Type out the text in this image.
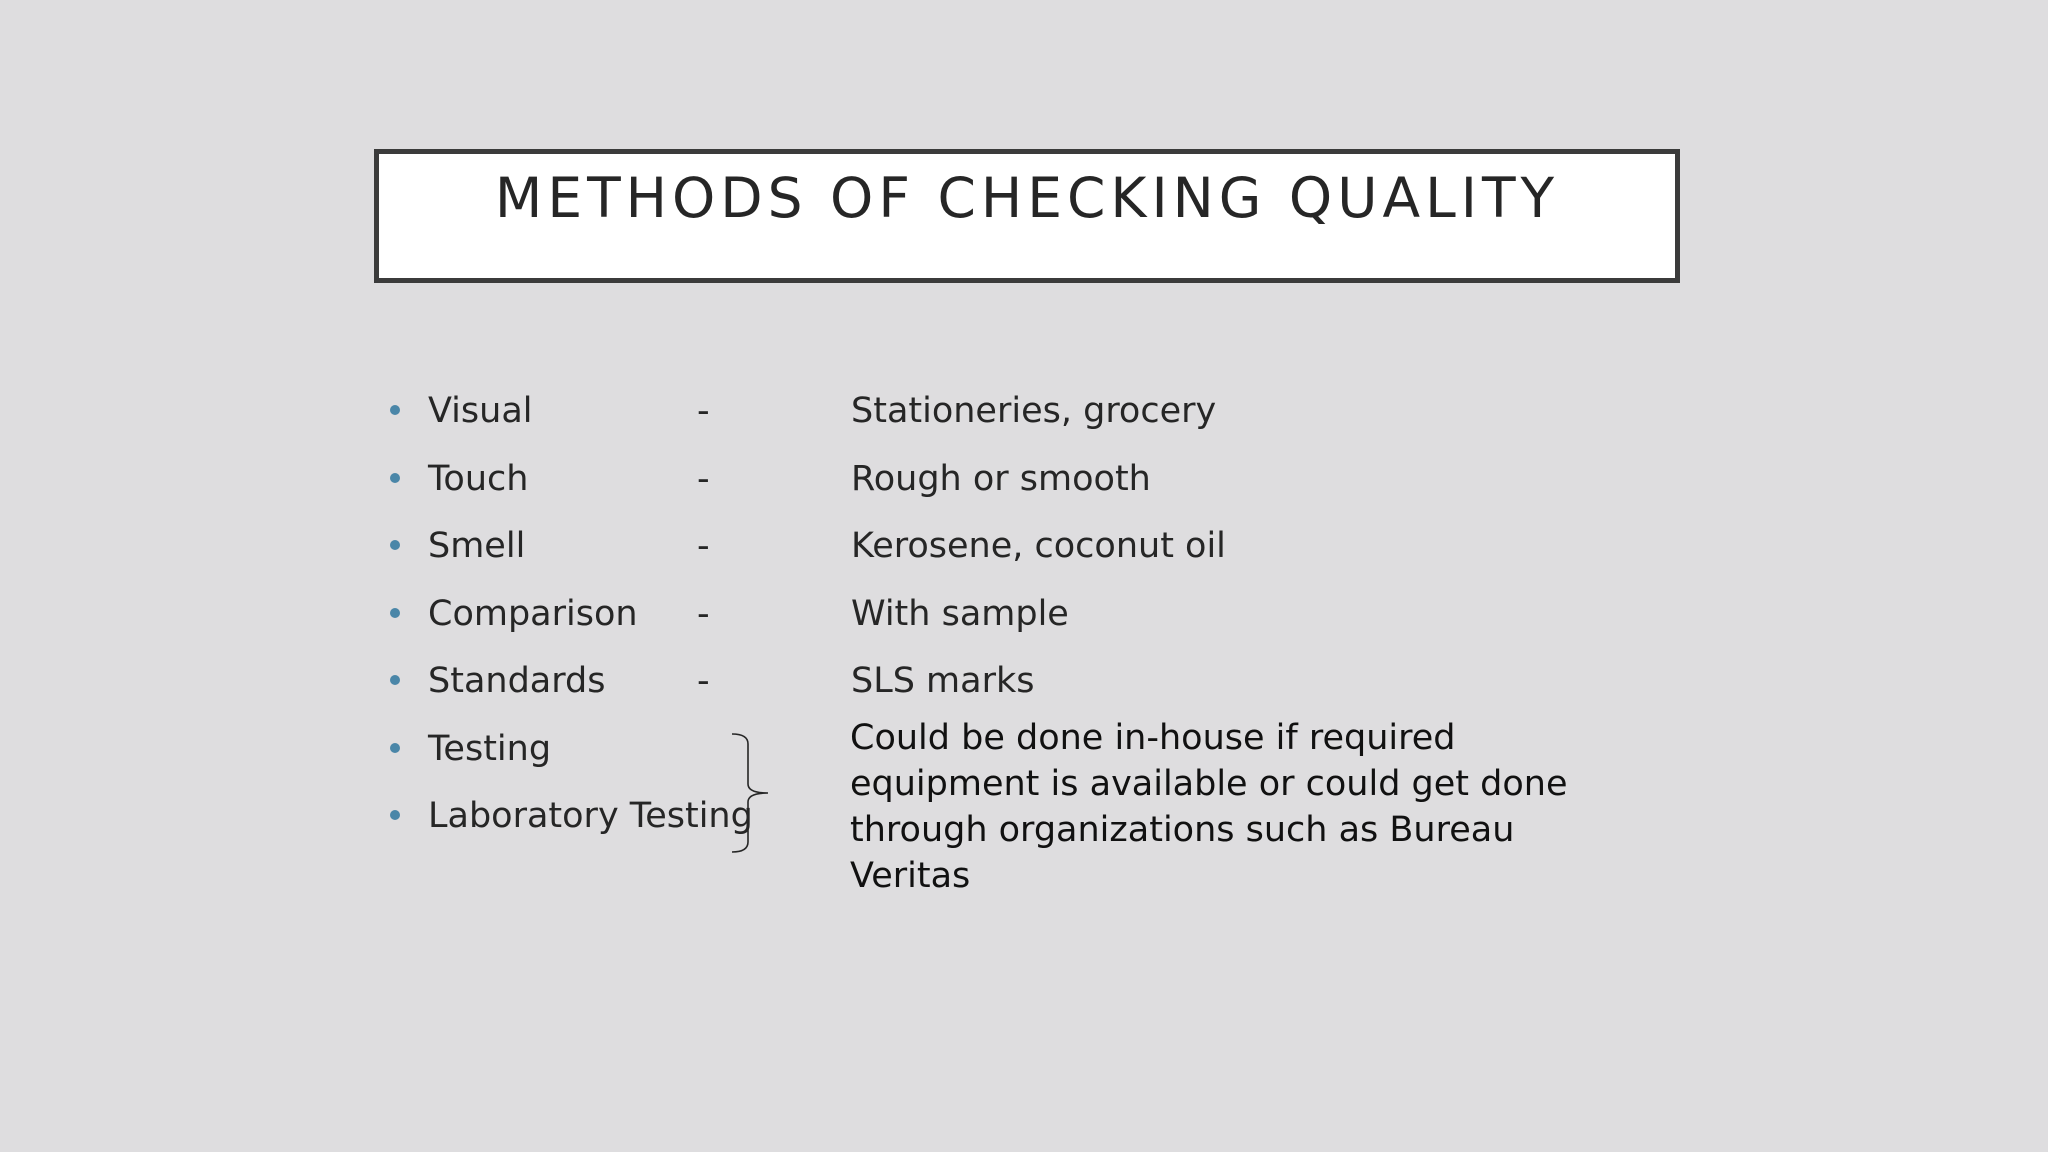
METHODS OF CHECKING QUALITY
Visual	-	Stationeries, grocery
Touch	-	Rough or smooth
Smell	-	Kerosene, coconut oil
Comparison -	With sample
Standards	-	SLS marks
Testing
Laboratory Testing
Could be done in-house if required equipment is available or could get done through organizations such as Bureau Veritas
